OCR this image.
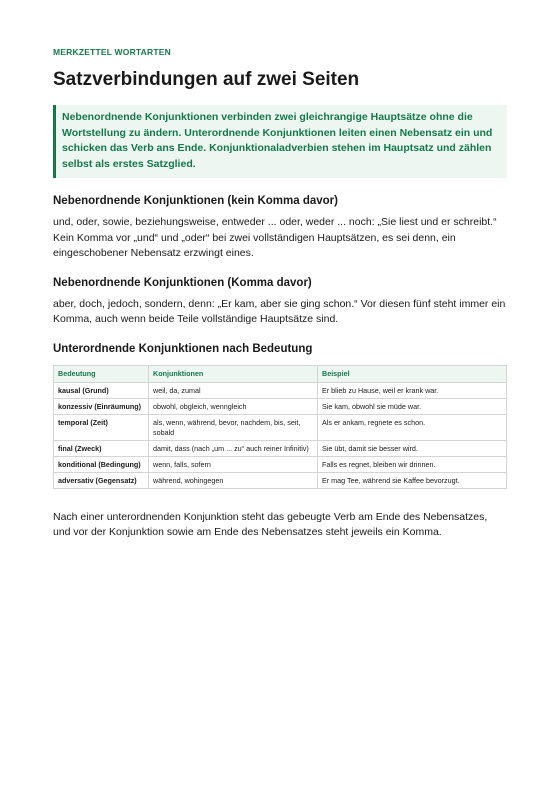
MERKZETTEL WORTARTEN

Satzverbindungen auf zwei Seiten
Nebenordnende Konjunktionen verbinden zwei gleichrangige Hauptsätze ohne die Wortstellung zu ändern. Unterordnende Konjunktionen leiten einen Nebensatz ein und schicken das Verb ans Ende. Konjunktionaladverbien stehen im Hauptsatz und zählen selbst als erstes Satzglied.
Nebenordnende Konjunktionen (kein Komma davor)

und, oder, sowie, beziehungsweise, entweder ... oder, weder ... noch: „Sie liest und er schreibt.“ Kein Komma vor „und“ und „oder“ bei zwei vollständigen Hauptsätzen, es sei denn, ein eingeschobener Nebensatz erzwingt eines.

Nebenordnende Konjunktionen (Komma davor)

aber, doch, jedoch, sondern, denn: „Er kam, aber sie ging schon.“ Vor diesen fünf steht immer ein Komma, auch wenn beide Teile vollständige Hauptsätze sind.

Unterordnende Konjunktionen nach Bedeutung
Bedeutung	Konjunktionen	Beispiel
kausal (Grund)	weil, da, zumal	Er blieb zu Hause, weil er krank war.
konzessiv (Einräumung)	obwohl, obgleich, wenngleich	Sie kam, obwohl sie müde war.
temporal (Zeit)	als, wenn, während, bevor, nachdem, bis, seit, sobald	Als er ankam, regnete es schon.
final (Zweck)	damit, dass (nach „um ... zu“ auch reiner Infinitiv)	Sie übt, damit sie besser wird.
konditional (Bedingung)	wenn, falls, sofern	Falls es regnet, bleiben wir drinnen.
adversativ (Gegensatz)	während, wohingegen	Er mag Tee, während sie Kaffee bevorzugt.

Nach einer unterordnenden Konjunktion steht das gebeugte Verb am Ende des Nebensatzes, und vor der Konjunktion sowie am Ende des Nebensatzes steht jeweils ein Komma.
